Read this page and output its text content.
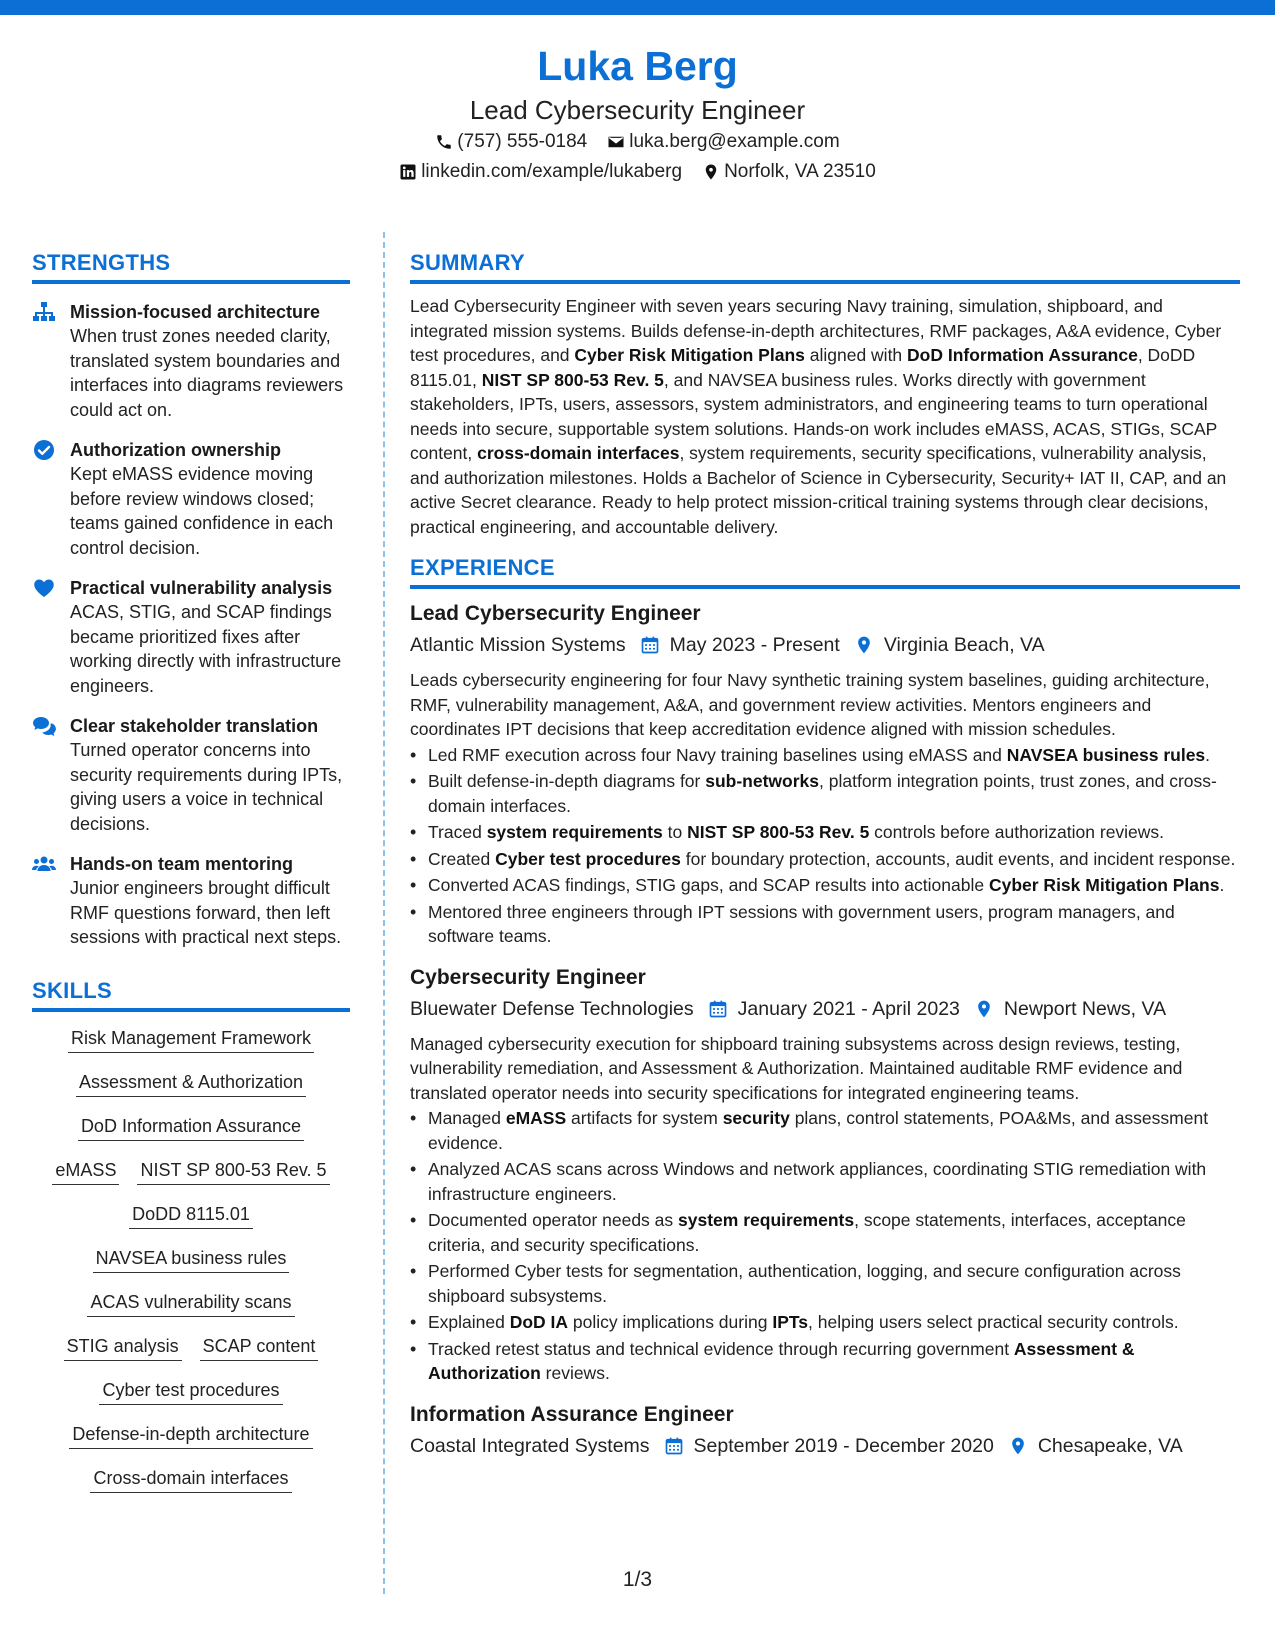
Luka Berg
Lead Cybersecurity Engineer
(757) 555-0184 luka.berg@example.com
linkedin.com/example/lukaberg Norfolk, VA 23510
STRENGTHS
Mission-focused architecture
When trust zones needed clarity, translated system boundaries and interfaces into diagrams reviewers could act on.
Authorization ownership
Kept eMASS evidence moving before review windows closed; teams gained confidence in each control decision.
Practical vulnerability analysis
ACAS, STIG, and SCAP findings became prioritized fixes after working directly with infrastructure engineers.
Clear stakeholder translation
Turned operator concerns into security requirements during IPTs, giving users a voice in technical decisions.
Hands-on team mentoring
Junior engineers brought difficult RMF questions forward, then left sessions with practical next steps.
SKILLS
Risk Management Framework
Assessment & Authorization
DoD Information Assurance
eMASS NIST SP 800-53 Rev. 5
DoDD 8115.01
NAVSEA business rules
ACAS vulnerability scans
STIG analysis SCAP content
Cyber test procedures
Defense-in-depth architecture
Cross-domain interfaces
SUMMARY

Lead Cybersecurity Engineer with seven years securing Navy training, simulation, shipboard, and integrated mission systems. Builds defense-in-depth architectures, RMF packages, A&A evidence, Cyber test procedures, and Cyber Risk Mitigation Plans aligned with DoD Information Assurance, DoDD 8115.01, NIST SP 800-53 Rev. 5, and NAVSEA business rules. Works directly with government stakeholders, IPTs, users, assessors, system administrators, and engineering teams to turn operational needs into secure, supportable system solutions. Hands-on work includes eMASS, ACAS, STIGs, SCAP content, cross-domain interfaces, system requirements, security specifications, vulnerability analysis, and authorization milestones. Holds a Bachelor of Science in Cybersecurity, Security+ IAT II, CAP, and an active Secret clearance. Ready to help protect mission-critical training systems through clear decisions, practical engineering, and accountable delivery.

EXPERIENCE
Lead Cybersecurity Engineer
Atlantic Mission Systems May 2023 - Present Virginia Beach, VA

Leads cybersecurity engineering for four Navy synthetic training system baselines, guiding architecture, RMF, vulnerability management, A&A, and government review activities. Mentors engineers and coordinates IPT decisions that keep accreditation evidence aligned with mission schedules.

• Led RMF execution across four Navy training baselines using eMASS and NAVSEA business rules.
• Built defense-in-depth diagrams for sub-networks, platform integration points, trust zones, and cross-domain interfaces.
• Traced system requirements to NIST SP 800-53 Rev. 5 controls before authorization reviews.
• Created Cyber test procedures for boundary protection, accounts, audit events, and incident response.
• Converted ACAS findings, STIG gaps, and SCAP results into actionable Cyber Risk Mitigation Plans.
• Mentored three engineers through IPT sessions with government users, program managers, and software teams.
Cybersecurity Engineer
Bluewater Defense Technologies January 2021 - April 2023 Newport News, VA

Managed cybersecurity execution for shipboard training subsystems across design reviews, testing, vulnerability remediation, and Assessment & Authorization. Maintained auditable RMF evidence and translated operator needs into security specifications for integrated engineering teams.

• Managed eMASS artifacts for system security plans, control statements, POA&Ms, and assessment evidence.
• Analyzed ACAS scans across Windows and network appliances, coordinating STIG remediation with infrastructure engineers.
• Documented operator needs as system requirements, scope statements, interfaces, acceptance criteria, and security specifications.
• Performed Cyber tests for segmentation, authentication, logging, and secure configuration across shipboard subsystems.
• Explained DoD IA policy implications during IPTs, helping users select practical security controls.
• Tracked retest status and technical evidence through recurring government Assessment & Authorization reviews.
Information Assurance Engineer
Coastal Integrated Systems September 2019 - December 2020 Chesapeake, VA
1/3
